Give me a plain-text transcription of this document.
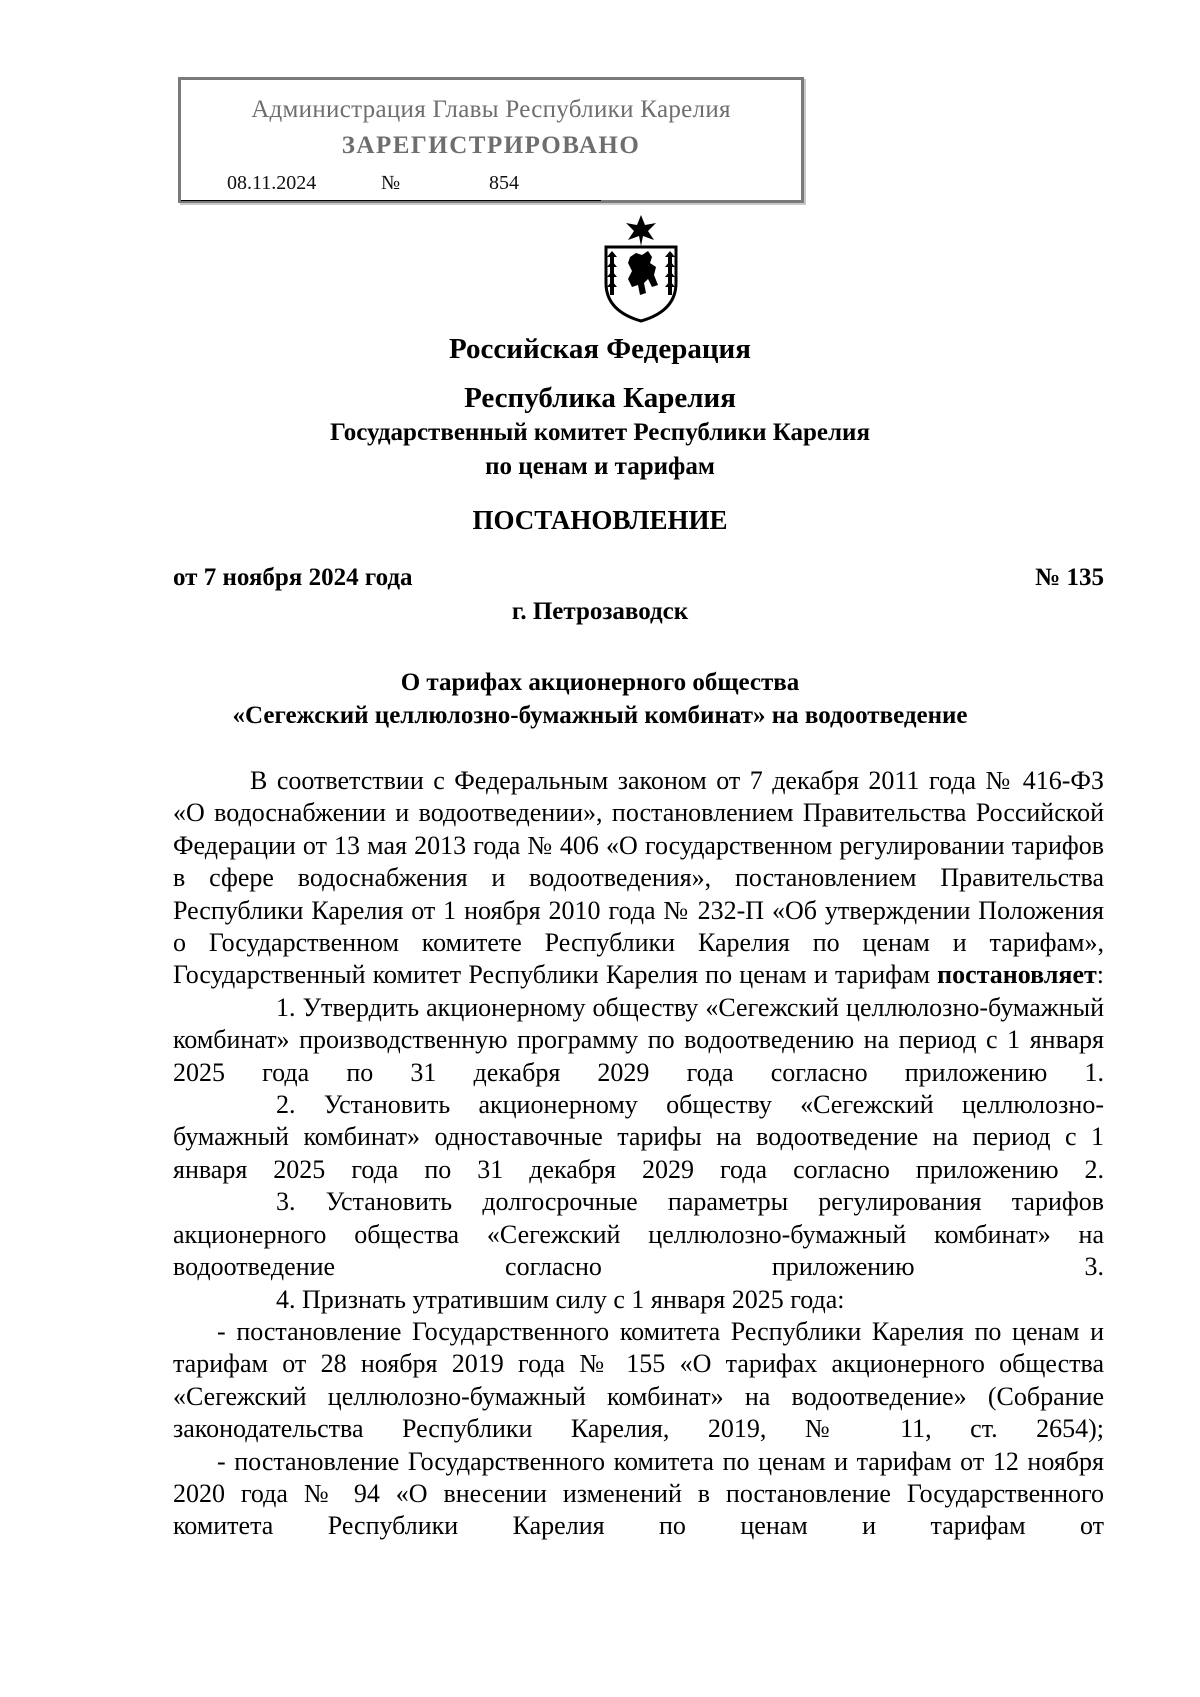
Администрация Главы Республики Карелия
ЗАРЕГИСТРИРОВАНО
08.11.2024	№	854
Российская Федерация
Республика Карелия
Государственный комитет Республики Карелия
по ценам и тарифам
ПОСТАНОВЛЕНИЕ
от 7 ноября 2024 года	№ 135
г. Петрозаводск
О тарифах акционерного общества
«Сегежский целлюлозно-бумажный комбинат» на водоотведение

В соответствии с Федеральным законом от 7 декабря 2011 года № 416-ФЗ «О водоснабжении и водоотведении», постановлением Правительства Российской Федерации от 13 мая 2013 года № 406 «О государственном регулировании тарифов в сфере водоснабжения и водоотведения», постановлением Правительства Республики Карелия от 1 ноября 2010 года № 232-П «Об утверждении Положения о Государственном комитете Республики Карелия по ценам и тарифам», Государственный комитет Республики Карелия по ценам и тарифам постановляет:

1. Утвердить акционерному обществу «Сегежский целлюлозно-бумажный комбинат» производственную программу по водоотведению на период с 1 января 2025 года по 31 декабря 2029 года согласно приложению 1.

2. Установить акционерному обществу «Сегежский целлюлозно-бумажный комбинат» одноставочные тарифы на водоотведение на период с 1 января 2025 года по 31 декабря 2029 года согласно приложению 2.

3. Установить долгосрочные параметры регулирования тарифов акционерного общества «Сегежский целлюлозно-бумажный комбинат» на водоотведение согласно приложению 3.

4. Признать утратившим силу с 1 января 2025 года:

- постановление Государственного комитета Республики Карелия по ценам и тарифам от 28 ноября 2019 года № 155 «О тарифах акционерного общества «Сегежский целлюлозно-бумажный комбинат» на водоотведение» (Собрание законодательства Республики Карелия, 2019, № 11, ст. 2654);

- постановление Государственного комитета по ценам и тарифам от 12 ноября 2020 года № 94 «О внесении изменений в постановление Государственного комитета Республики Карелия по ценам и тарифам от
